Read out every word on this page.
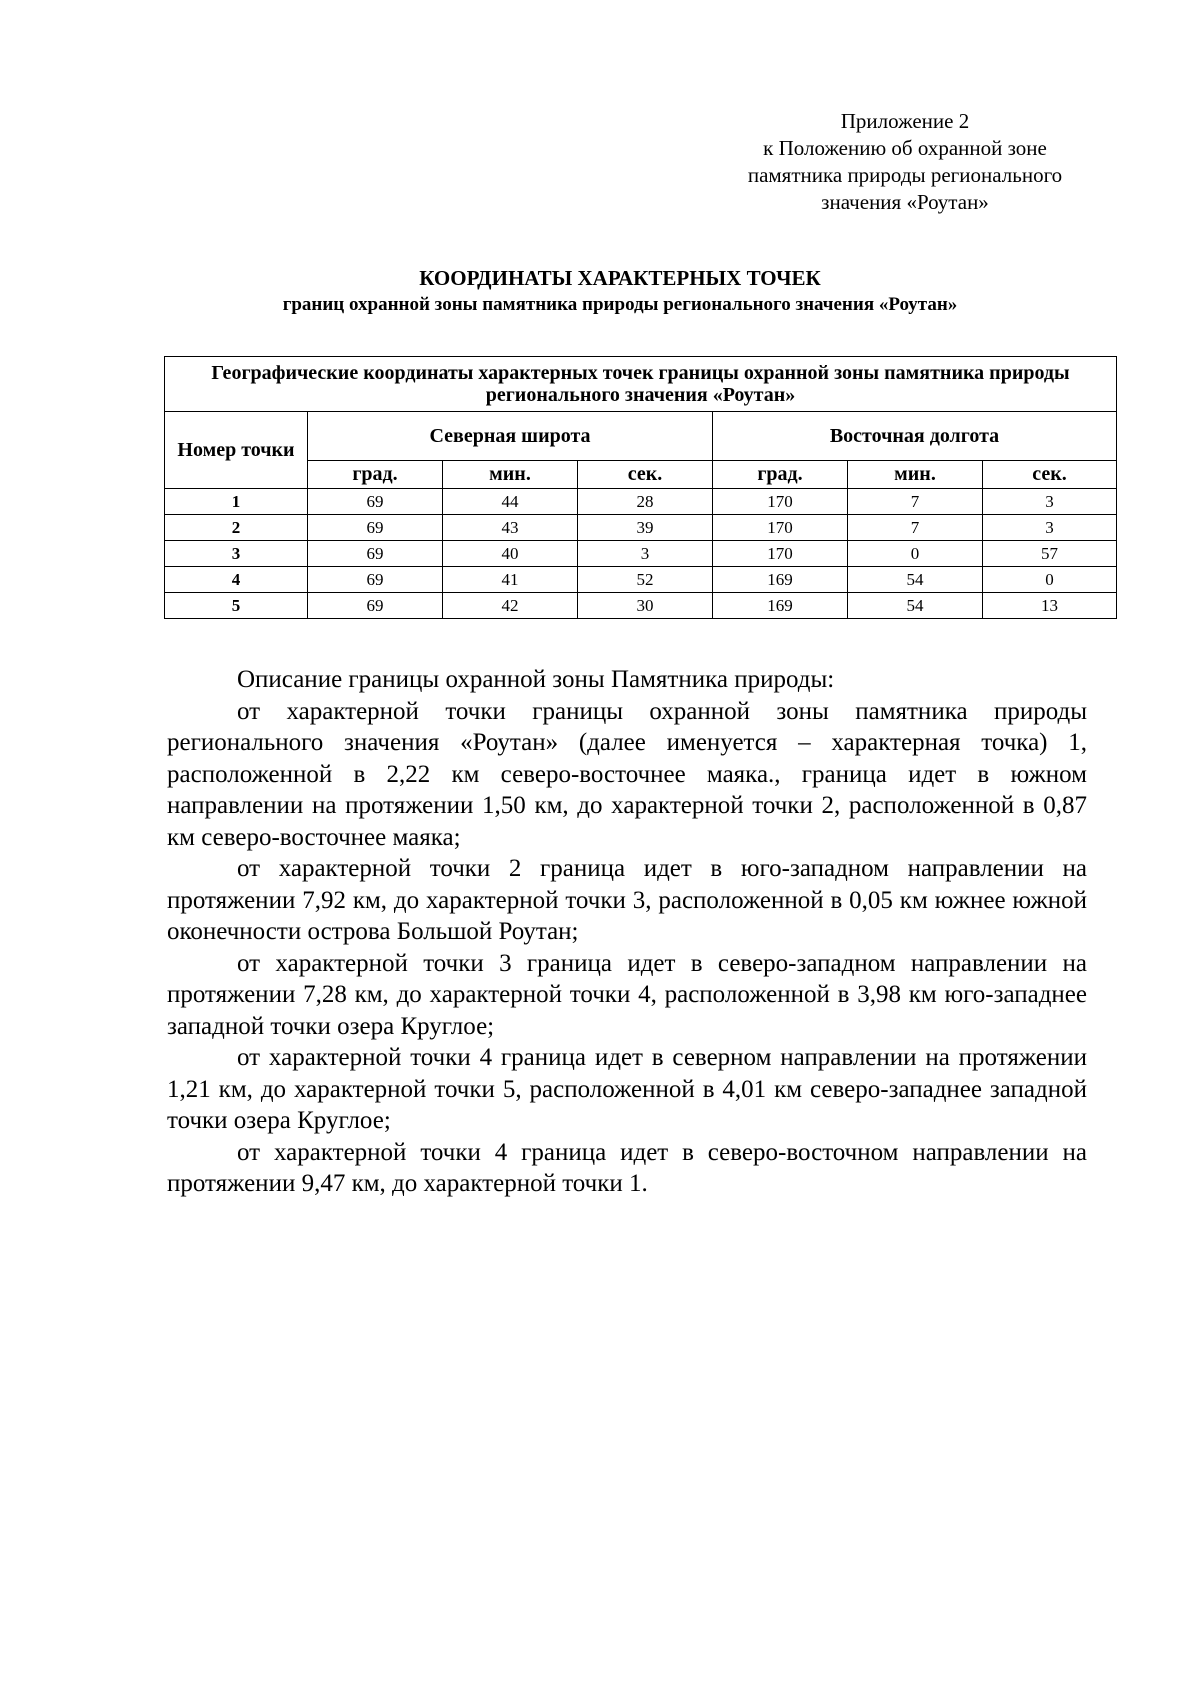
Приложение 2
к Положению об охранной зоне
памятника природы регионального
значения «Роутан»
КООРДИНАТЫ ХАРАКТЕРНЫХ ТОЧЕК
границ охранной зоны памятника природы регионального значения «Роутан»
Географические координаты характерных точек границы охранной зоны памятника природы регионального значения «Роутан»						
Номер точки	Северная широта			Восточная долгота		
	град.	мин.	сек.	град.	мин.	сек.
1	69	44	28	170	7	3
2	69	43	39	170	7	3
3	69	40	3	170	0	57
4	69	41	52	169	54	0
5	69	42	30	169	54	13

Описание границы охранной зоны Памятника природы:

от характерной точки границы охранной зоны памятника природы регионального значения «Роутан» (далее именуется – характерная точка) 1, расположенной в 2,22 км северо-восточнее маяка., граница идет в южном направлении на протяжении 1,50 км, до характерной точки 2, расположенной в 0,87 км северо-восточнее маяка;

от характерной точки 2 граница идет в юго-западном направлении на протяжении 7,92 км, до характерной точки 3, расположенной в 0,05 км южнее южной оконечности острова Большой Роутан;

от характерной точки 3 граница идет в северо-западном направлении на протяжении 7,28 км, до характерной точки 4, расположенной в 3,98 км юго-западнее западной точки озера Круглое;

от характерной точки 4 граница идет в северном направлении на протяжении 1,21 км, до характерной точки 5, расположенной в 4,01 км северо-западнее западной точки озера Круглое;

от характерной точки 4 граница идет в северо-восточном направлении на протяжении 9,47 км, до характерной точки 1.
